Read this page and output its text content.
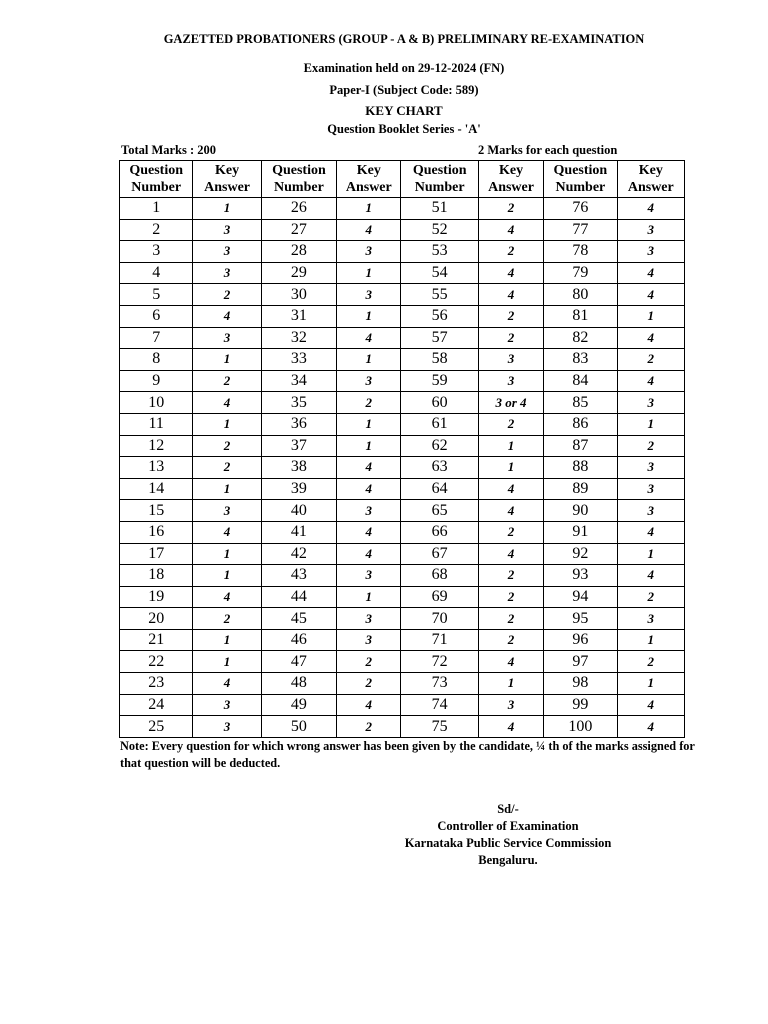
GAZETTED PROBATIONERS (GROUP - A & B) PRELIMINARY RE-EXAMINATION
Examination held on 29-12-2024 (FN)
Paper-I (Subject Code: 589)
KEY CHART
Question Booklet Series - 'A'
Total Marks : 200	2 Marks for each question
Question
Number	Key
Answer	Question
Number	Key
Answer	Question
Number	Key
Answer	Question
Number	Key
Answer
1	1	26	1	51	2	76	4
2	3	27	4	52	4	77	3
3	3	28	3	53	2	78	3
4	3	29	1	54	4	79	4
5	2	30	3	55	4	80	4
6	4	31	1	56	2	81	1
7	3	32	4	57	2	82	4
8	1	33	1	58	3	83	2
9	2	34	3	59	3	84	4
10	4	35	2	60	3 or 4	85	3
11	1	36	1	61	2	86	1
12	2	37	1	62	1	87	2
13	2	38	4	63	1	88	3
14	1	39	4	64	4	89	3
15	3	40	3	65	4	90	3
16	4	41	4	66	2	91	4
17	1	42	4	67	4	92	1
18	1	43	3	68	2	93	4
19	4	44	1	69	2	94	2
20	2	45	3	70	2	95	3
21	1	46	3	71	2	96	1
22	1	47	2	72	4	97	2
23	4	48	2	73	1	98	1
24	3	49	4	74	3	99	4
25	3	50	2	75	4	100	4
Note: Every question for which wrong answer has been given by the candidate, ¼ th of the marks assigned for that question will be deducted.
Sd/-
Controller of Examination
Karnataka Public Service Commission
Bengaluru.
